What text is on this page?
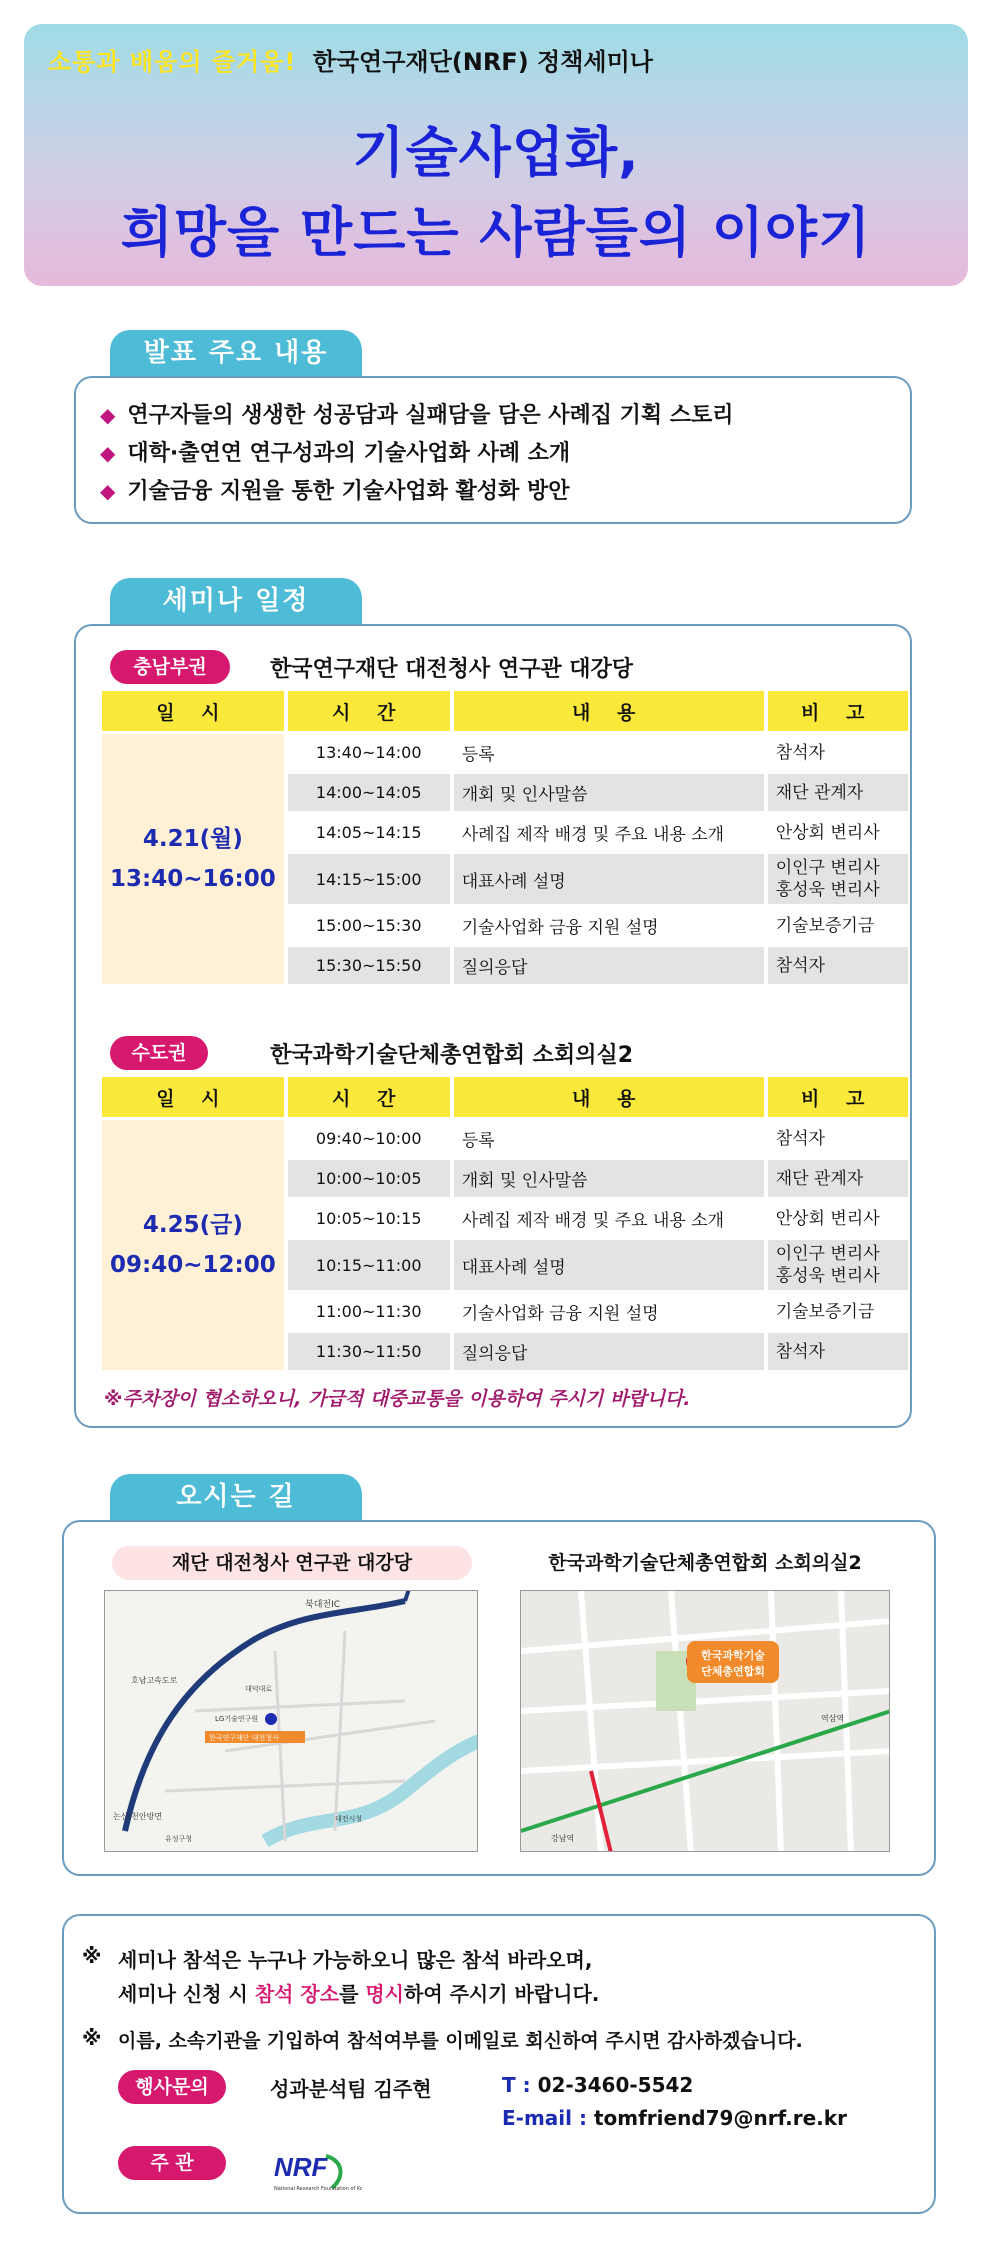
소통과 배움의 즐거움! 한국연구재단(NRF) 정책세미나
기술사업화,
희망을 만드는 사람들의 이야기
발표 주요 내용
◆ 연구자들의 생생한 성공담과 실패담을 담은 사례집 기획 스토리
◆ 대학·출연연 연구성과의 기술사업화 사례 소개
◆ 기술금융 지원을 통한 기술사업화 활성화 방안
세미나 일정
충남부권	한국연구재단 대전청사 연구관 대강당
일 시	시 간	내 용	비 고

4.21(월)
13:40~16:00	13:40~14:00	등록	참석자
	14:00~14:05	개회 및 인사말씀	재단 관계자
	14:05~14:15	사례집 제작 배경 및 주요 내용 소개	안상회 변리사
	14:15~15:00	대표사례 설명	이인구 변리사
홍성욱 변리사

	15:00~15:30	기술사업화 금융 지원 설명	기술보증기금
	15:30~15:50	질의응답	참석자
수도권	한국과학기술단체총연합회 소회의실2
일 시	시 간	내 용	비 고

4.25(금)
09:40~12:00	09:40~10:00	등록	참석자
	10:00~10:05	개회 및 인사말씀	재단 관계자
	10:05~10:15	사례집 제작 배경 및 주요 내용 소개	안상회 변리사
	10:15~11:00	대표사례 설명	이인구 변리사
홍성욱 변리사

	11:00~11:30	기술사업화 금융 지원 설명	기술보증기금
	11:30~11:50	질의응답	참석자
※주차장이 협소하오니, 가급적 대중교통을 이용하여 주시기 바랍니다.
오시는 길
재단 대전청사 연구관 대강당	한국과학기술단체총연합회 소회의실2
북대전IC
호남고속도로
논산/천안방면
대덕대로
LG기술연구원
한국연구재단 대전청사
유성구청
대전시청
한국과학기술
단체총연합회
강남역
역삼역
※ 세미나 참석은 누구나 가능하오니 많은 참석 바라오며,
세미나 신청 시 참석 장소를 명시하여 주시기 바랍니다.
※ 이름, 소속기관을 기입하여 참석여부를 이메일로 회신하여 주시면 감사하겠습니다.
행사문의	성과분석팀 김주현	T : 02-3460-5542
E-mail : tomfriend79@nrf.re.kr
주 관	NRF
National Research Foundation of Korea
